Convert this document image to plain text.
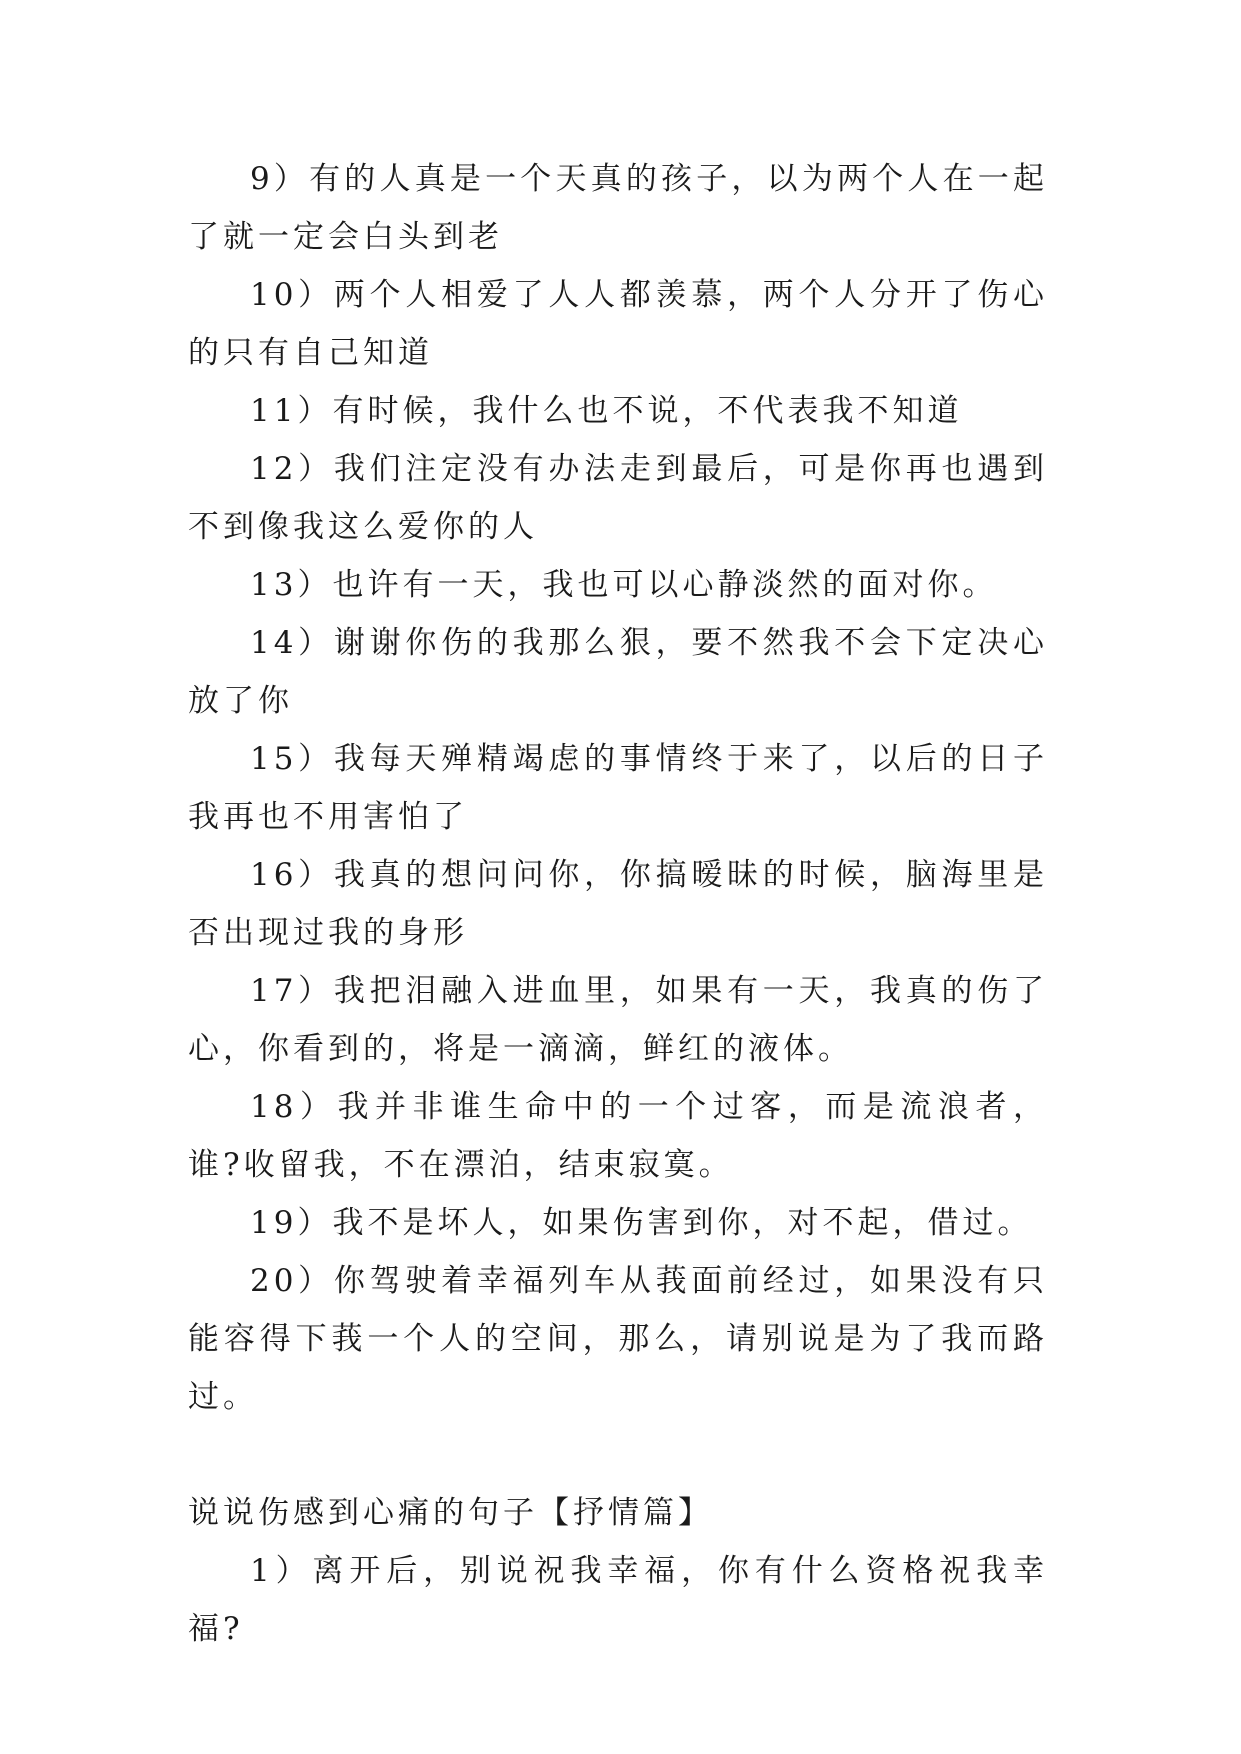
9）有的人真是一个天真的孩子，以为两个人在一起了就一定会白头到老

10）两个人相爱了人人都羡慕，两个人分开了伤心的只有自己知道

11）有时候，我什么也不说，不代表我不知道

12）我们注定没有办法走到最后，可是你再也遇到不到像我这么爱你的人

13）也许有一天，我也可以心静淡然的面对你。

14）谢谢你伤的我那么狠，要不然我不会下定决心放了你

15）我每天殚精竭虑的事情终于来了，以后的日子我再也不用害怕了

16）我真的想问问你，你搞暧昧的时候，脑海里是否出现过我的身形

17）我把泪融入进血里，如果有一天，我真的伤了心，你看到的，将是一滴滴，鲜红的液体。

18）我并非谁生命中的一个过客，而是流浪者，谁?收留我，不在漂泊，结束寂寞。

19）我不是坏人，如果伤害到你，对不起，借过。

20）你驾驶着幸福列车从莪面前经过，如果没有只能容得下莪一个人的空间，那么，请别说是为了我而路过。

说说伤感到心痛的句子【抒情篇】

1）离开后，别说祝我幸福，你有什么资格祝我幸福?
